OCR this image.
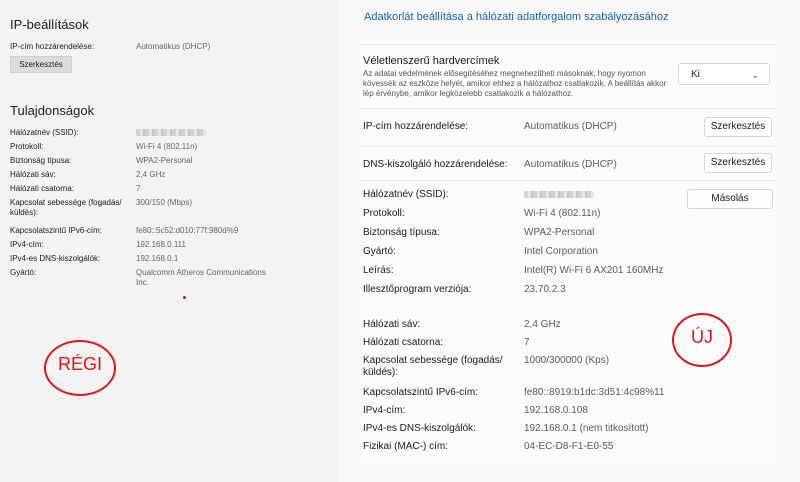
IP-beállítások
IP-cím hozzárendelése:	Automatikus (DHCP)
Szerkesztés
Tulajdonságok
Hálózatnév (SSID):
Protokoll:	Wi-Fi 4 (802.11n)
Biztonság típusa:	WPA2-Personal
Hálózati sáv:	2,4 GHz
Hálózati csatorna:	7
Kapcsolat sebessége (fogadás/ küldés):
300/150 (Mbps)
Kapcsolatszintű IPv6-cím:	fe80::5c52:d010:77f:980d%9
IPv4-cím:	192.168.0.111
IPv4-es DNS-kiszolgálók:	192.168.0.1
Gyártó:	Qualcomm Atheros Communications Inc.
RÉGI
Adatkorlát beállítása a hálózati adatforgalom szabályozásához
Véletlenszerű hardvercímek
Az adatai védelmének elősegítéséhez megnehezítheti másoknak, hogy nyomon kövessék az eszköze helyét, amikor ehhez a hálózathoz csatlakozik. A beállítás akkor lép érvénybe, amikor legközelebb csatlakozik a hálózathoz.
Ki	⌄
IP-cím hozzárendelése:	Automatikus (DHCP)	Szerkesztés
DNS-kiszolgáló hozzárendelése: Automatikus (DHCP)	Szerkesztés
Másolás
Hálózatnév (SSID):
Protokoll:	Wi-Fi 4 (802.11n)
Biztonság típusa:	WPA2-Personal
Gyártó:	Intel Corporation
Leírás:	Intel(R) Wi-Fi 6 AX201 160MHz
Illesztőprogram verziója:	23.70.2.3
Hálózati sáv:	2,4 GHz
Hálózati csatorna:	7
Kapcsolat sebessége (fogadás/ küldés):
1000/300000 (Kps)
Kapcsolatszintű IPv6-cím:	fe80::8919:b1dc:3d51:4c98%11
IPv4-cím:	192.168.0.108
IPv4-es DNS-kiszolgálók:	192.168.0.1 (nem titkosított)
Fizikai (MAC-) cím:	04-EC-D8-F1-E0-55
ÚJ
